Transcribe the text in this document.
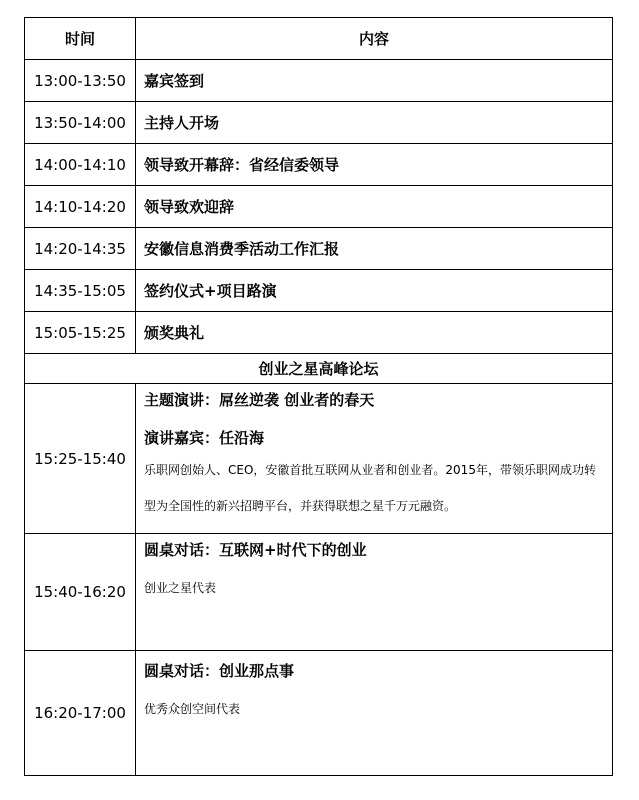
时间	内容
13:00-13:50	嘉宾签到
13:50-14:00	主持人开场
14:00-14:10	领导致开幕辞：省经信委领导
14:10-14:20	领导致欢迎辞
14:20-14:35	安徽信息消费季活动工作汇报
14:35-15:05	签约仪式+项目路演
15:05-15:25	颁奖典礼
创业之星高峰论坛	
15:25-15:40	主题演讲：屌丝逆袭 创业者的春天
演讲嘉宾：任沿海
乐职网创始人、CEO，安徽首批互联网从业者和创业者。2015年，带领乐职网成功转型为全国性的新兴招聘平台，并获得联想之星千万元融资。

15:40-16:20	圆桌对话：互联网+时代下的创业
创业之星代表

16:20-17:00	圆桌对话：创业那点事
优秀众创空间代表
